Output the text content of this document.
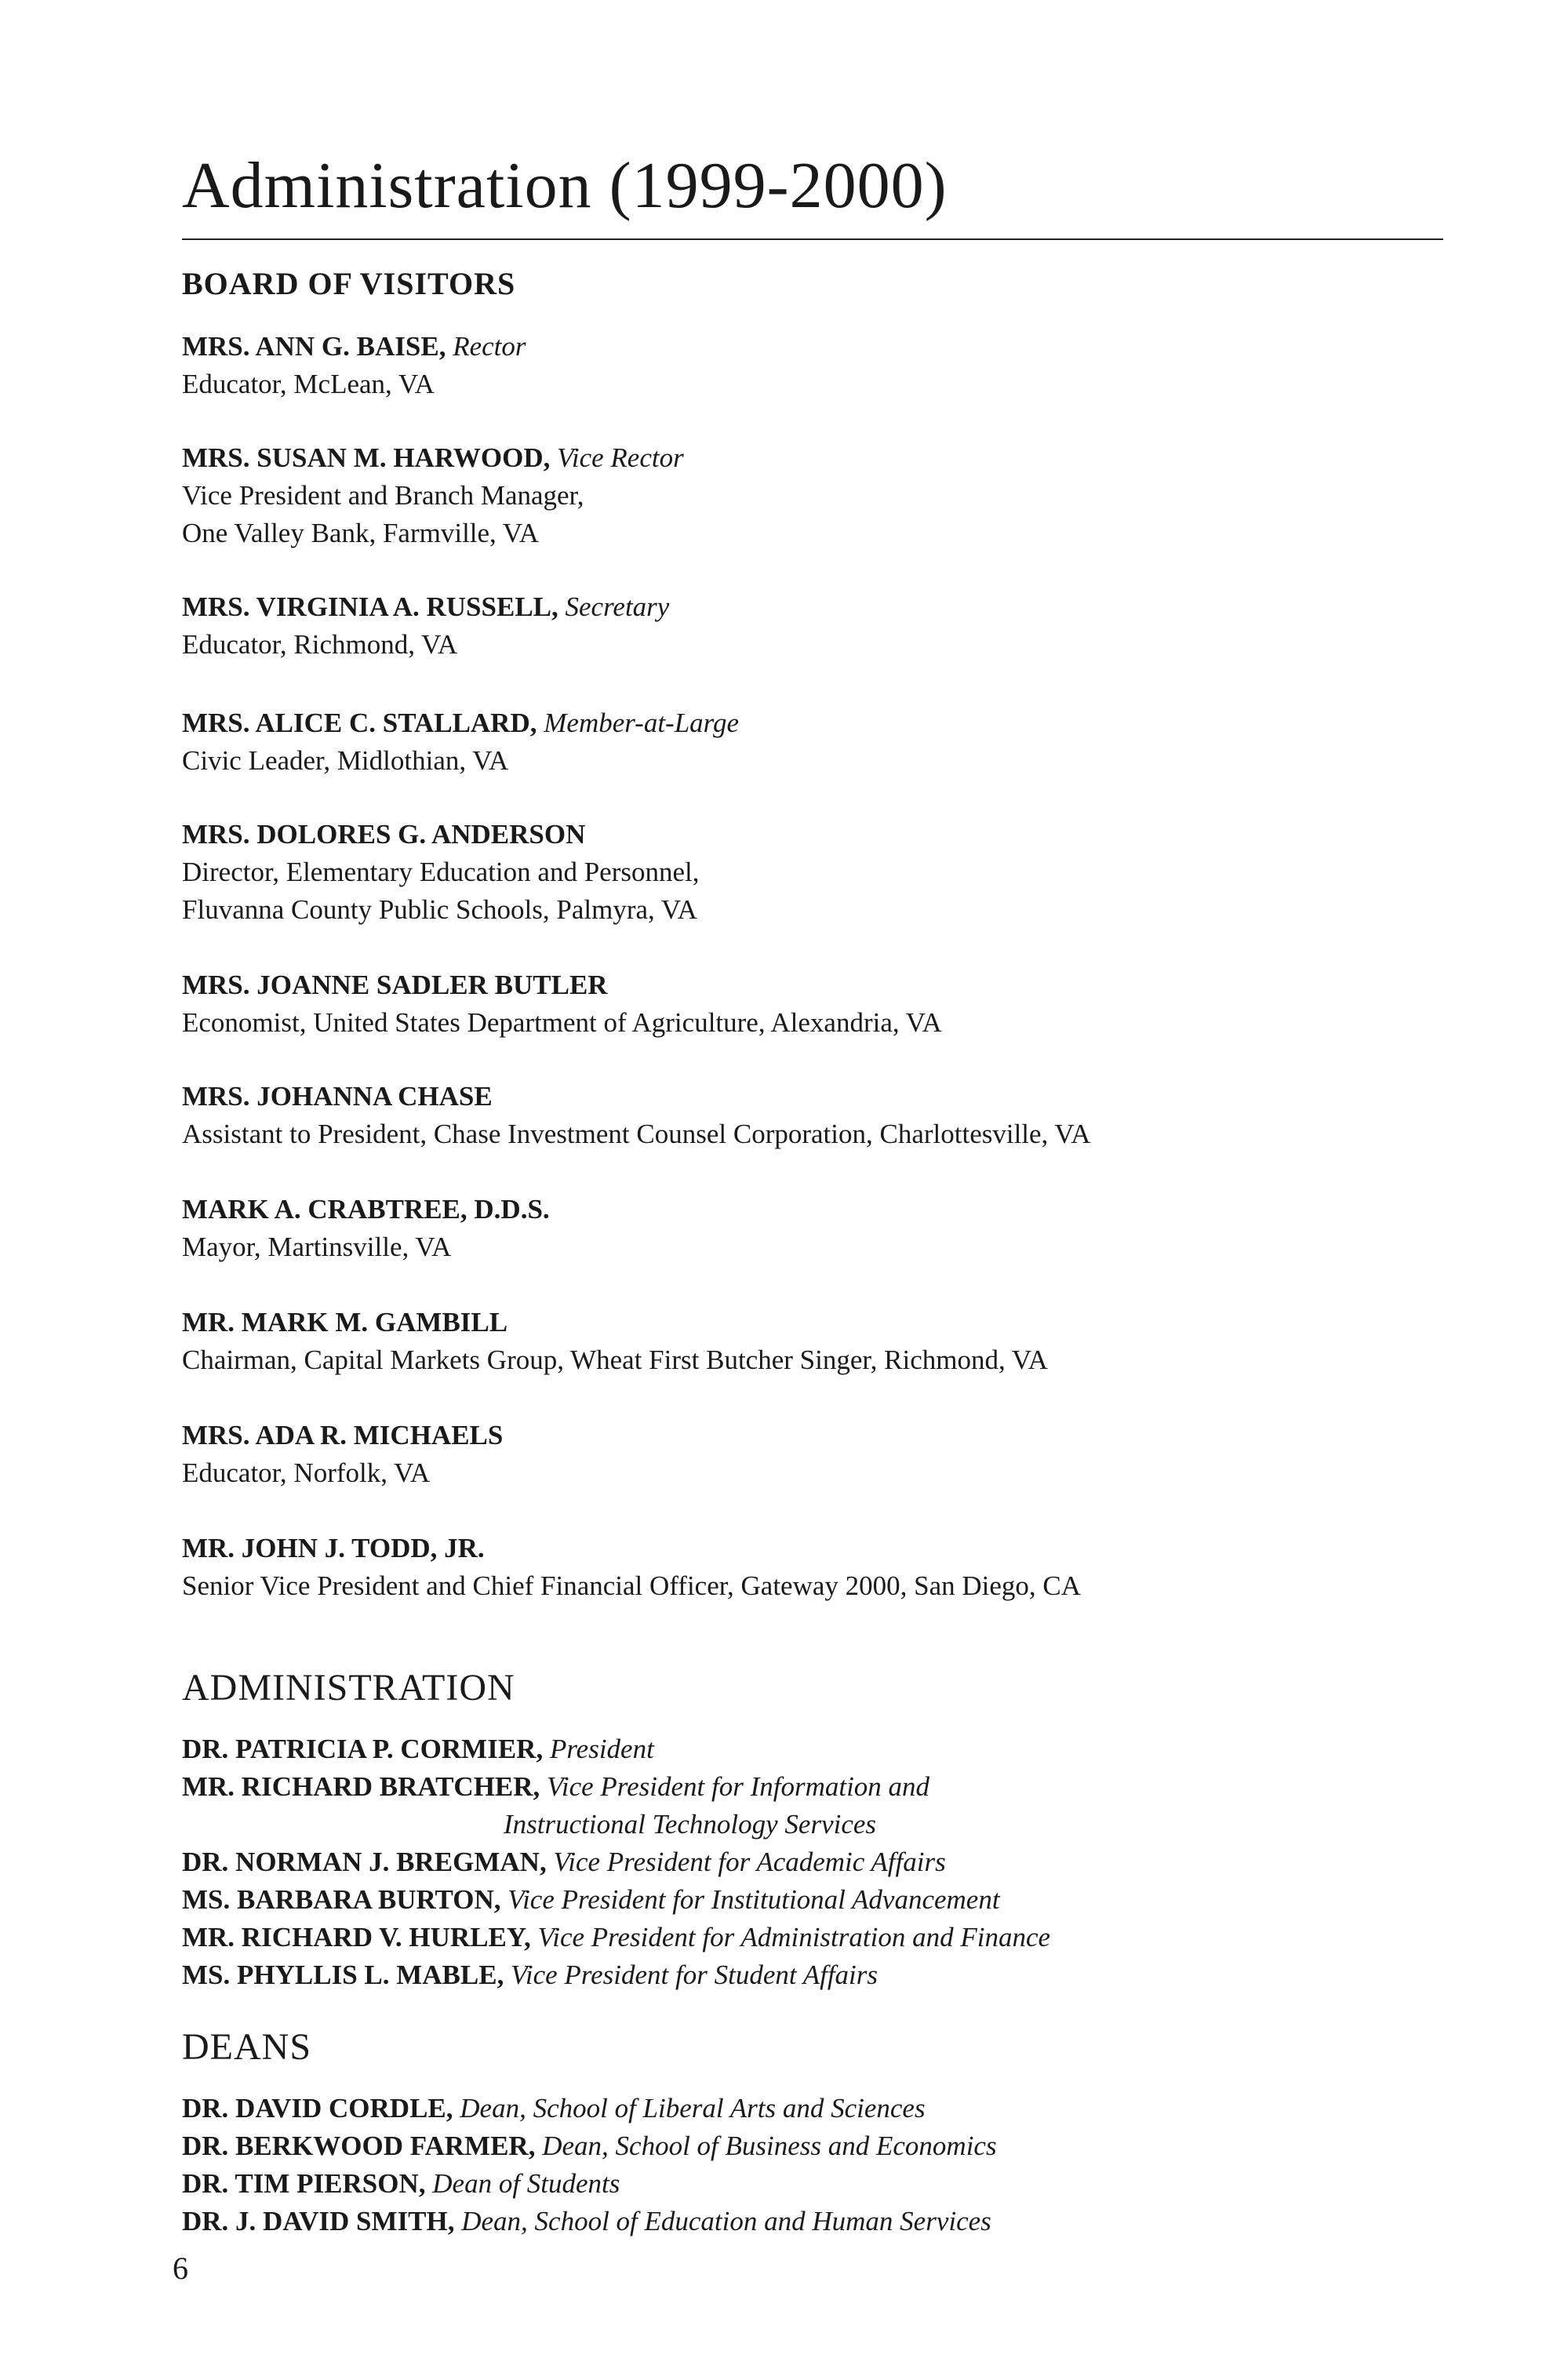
Administration (1999-2000)
BOARD OF VISITORS
MRS. ANN G. BAISE, Rector
Educator, McLean, VA
MRS. SUSAN M. HARWOOD, Vice Rector
Vice President and Branch Manager,
One Valley Bank, Farmville, VA
MRS. VIRGINIA A. RUSSELL, Secretary
Educator, Richmond, VA
MRS. ALICE C. STALLARD, Member-at-Large
Civic Leader, Midlothian, VA
MRS. DOLORES G. ANDERSON
Director, Elementary Education and Personnel,
Fluvanna County Public Schools, Palmyra, VA
MRS. JOANNE SADLER BUTLER
Economist, United States Department of Agriculture, Alexandria, VA
MRS. JOHANNA CHASE
Assistant to President, Chase Investment Counsel Corporation, Charlottesville, VA
MARK A. CRABTREE, D.D.S.
Mayor, Martinsville, VA
MR. MARK M. GAMBILL
Chairman, Capital Markets Group, Wheat First Butcher Singer, Richmond, VA
MRS. ADA R. MICHAELS
Educator, Norfolk, VA
MR. JOHN J. TODD, JR.
Senior Vice President and Chief Financial Officer, Gateway 2000, San Diego, CA
ADMINISTRATION
DR. PATRICIA P. CORMIER, President
MR. RICHARD BRATCHER, Vice President for Information and
Instructional Technology Services
DR. NORMAN J. BREGMAN, Vice President for Academic Affairs
MS. BARBARA BURTON, Vice President for Institutional Advancement
MR. RICHARD V. HURLEY, Vice President for Administration and Finance
MS. PHYLLIS L. MABLE, Vice President for Student Affairs
DEANS
DR. DAVID CORDLE, Dean, School of Liberal Arts and Sciences
DR. BERKWOOD FARMER, Dean, School of Business and Economics
DR. TIM PIERSON, Dean of Students
DR. J. DAVID SMITH, Dean, School of Education and Human Services
6
